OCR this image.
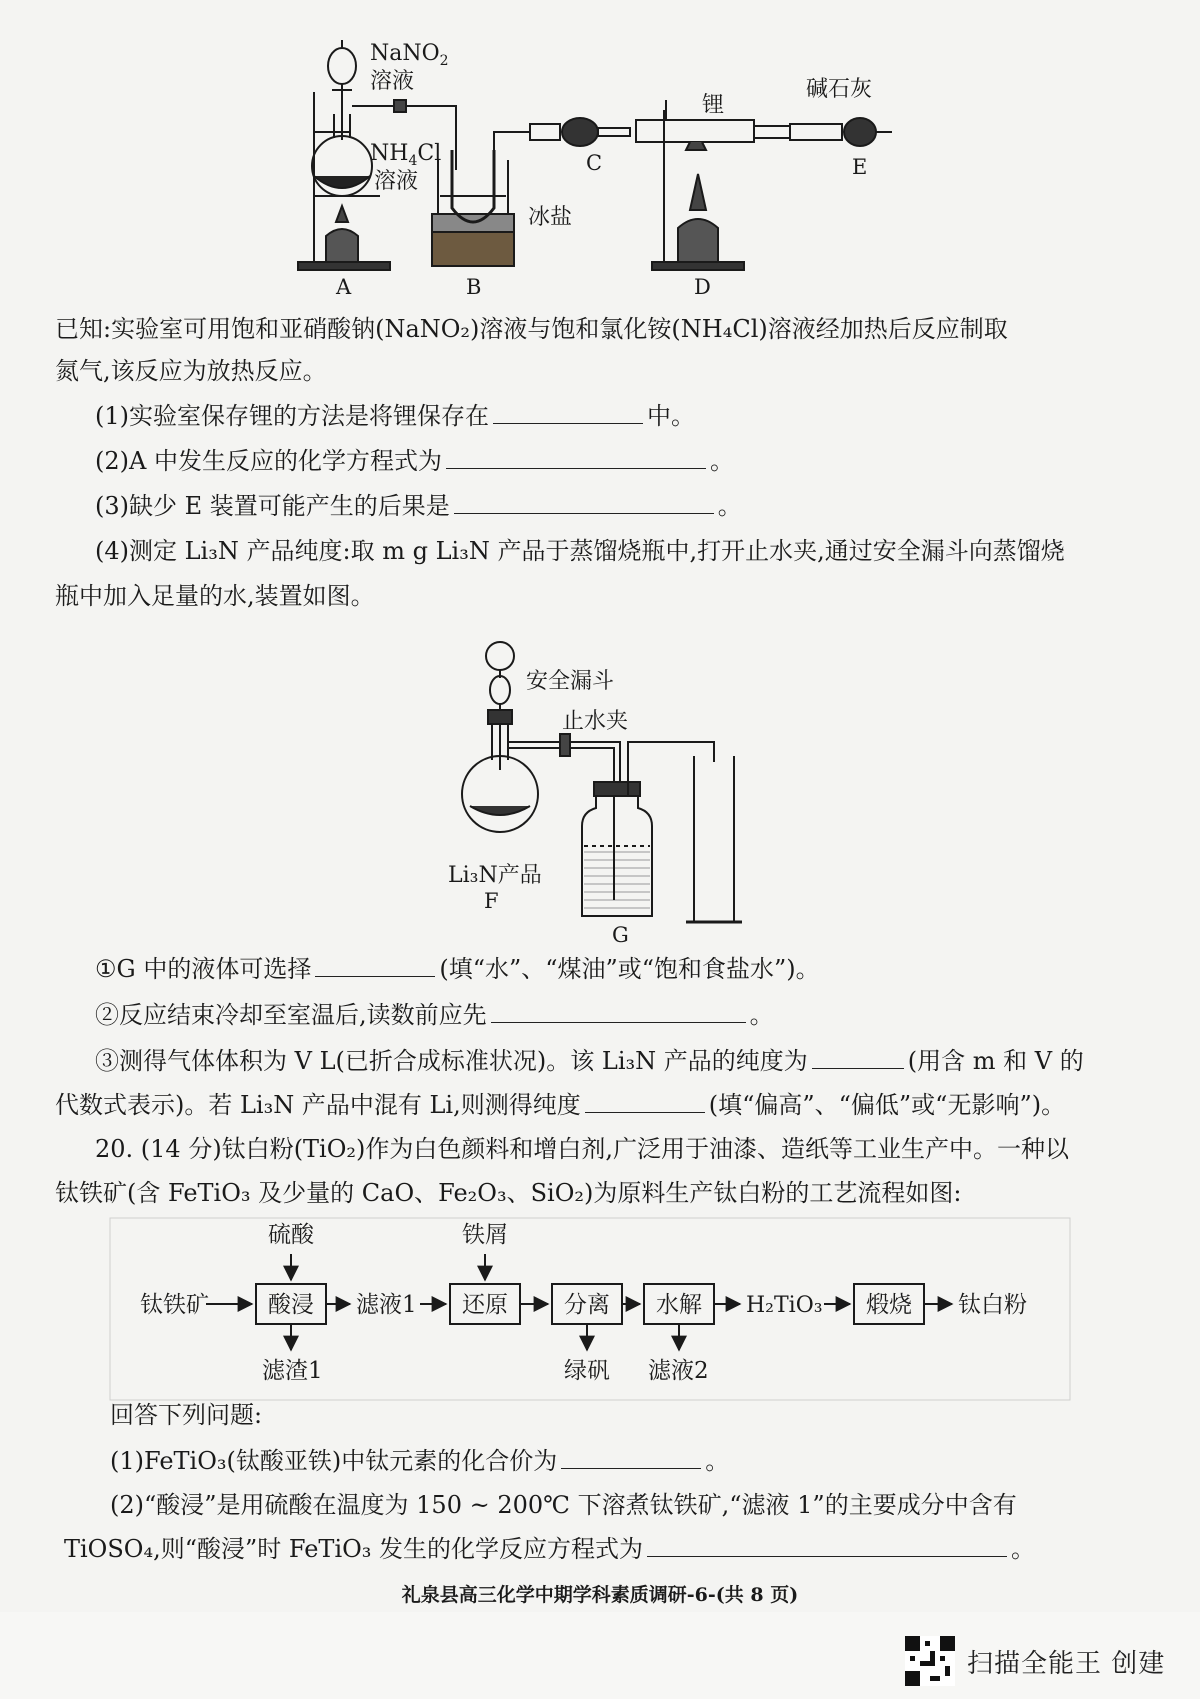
NaNO$_2$
溶液
$NH_4Cl$
溶液
冰盐
锂
碱石灰
A	B
C
D
E
已知:实验室可用饱和亚硝酸钠(NaNO₂)溶液与饱和氯化铵(NH₄Cl)溶液经加热后反应制取
氮气,该反应为放热反应。
(1)实验室保存锂的方法是将锂保存在	中。
(2)A 中发生反应的化学方程式为	。
(3)缺少 E 装置可能产生的后果是	。
(4)测定 Li₃N 产品纯度:取 m g Li₃N 产品于蒸馏烧瓶中,打开止水夹,通过安全漏斗向蒸馏烧
瓶中加入足量的水,装置如图。
安全漏斗
止水夹
Li₃N产品
F
G
①G 中的液体可选择	(填“水”、“煤油”或“饱和食盐水”)。
②反应结束冷却至室温后,读数前应先	。
③测得气体体积为 V L(已折合成标准状况)。该 Li₃N 产品的纯度为	(用含 m 和 V 的
代数式表示)。若 Li₃N 产品中混有 Li,则测得纯度	(填“偏高”、“偏低”或“无影响”)。
20. (14 分)钛白粉(TiO₂)作为白色颜料和增白剂,广泛用于油漆、造纸等工业生产中。一种以
钛铁矿(含 FeTiO₃ 及少量的 CaO、Fe₂O₃、SiO₂)为原料生产钛白粉的工艺流程如图:
钛铁矿
硫酸	铁屑
酸浸 滤液1 还原 分离 水解 H₂TiO₃ 煅烧 钛白粉
滤渣1	绿矾 滤液2
回答下列问题:
(1)FeTiO₃(钛酸亚铁)中钛元素的化合价为	。
(2)“酸浸”是用硫酸在温度为 150 ~ 200℃ 下溶煮钛铁矿,“滤液 1”的主要成分中含有
TiOSO₄,则“酸浸”时 FeTiO₃ 发生的化学反应方程式为	。
礼泉县高三化学中期学科素质调研-6-(共 8 页)
扫描全能王 创建
